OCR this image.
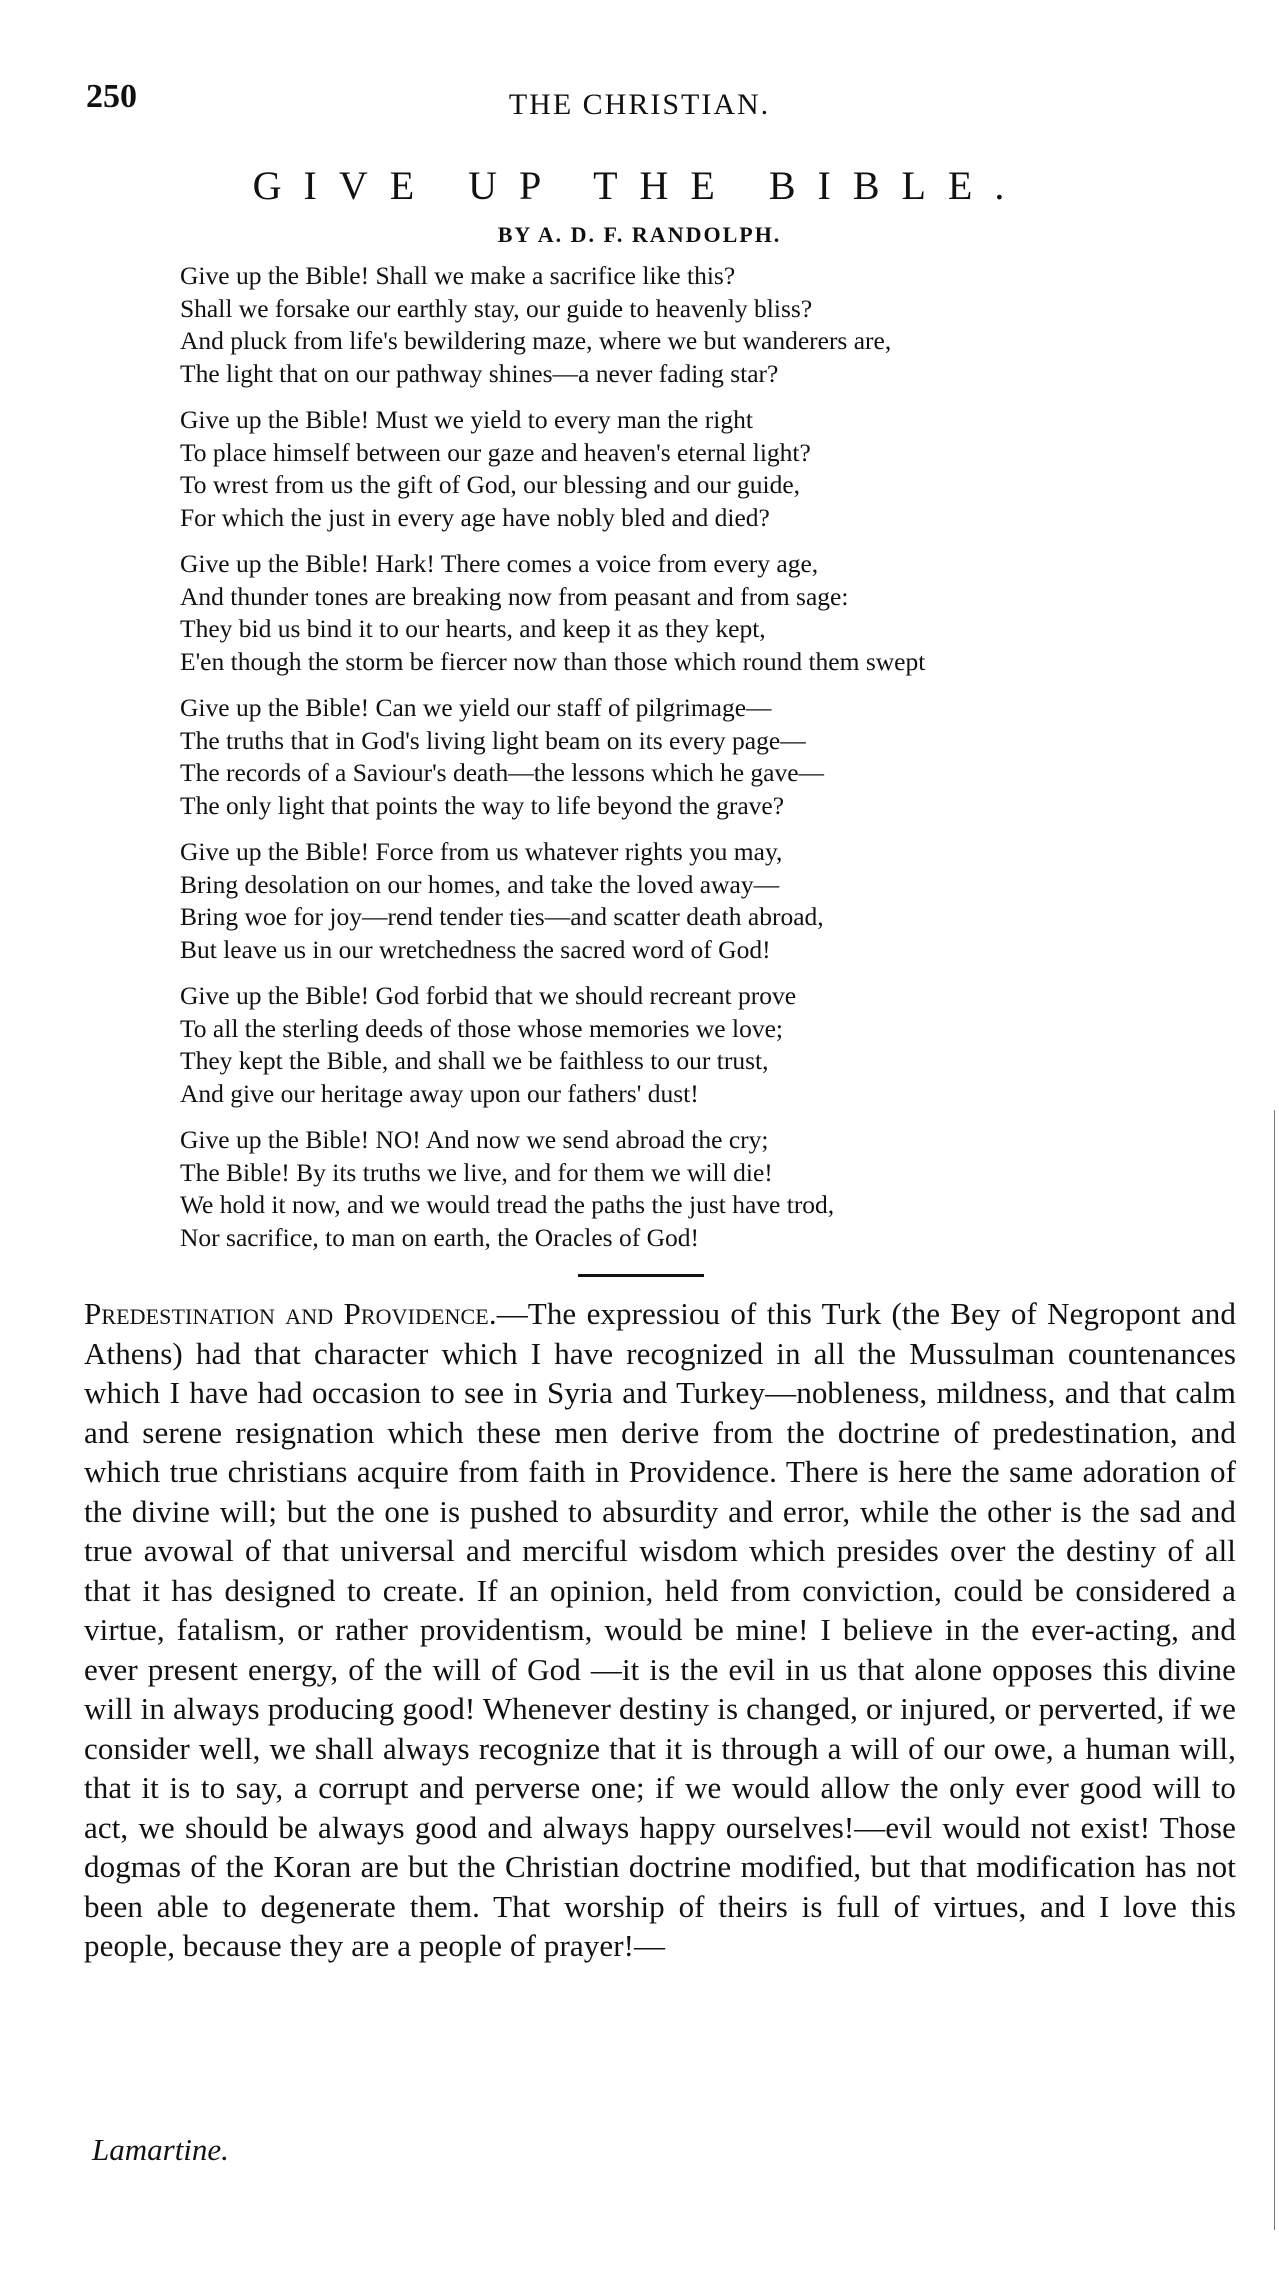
250	THE CHRISTIAN.
GIVE UP THE BIBLE.
BY A. D. F. RANDOLPH.
Give up the Bible! Shall we make a sacrifice like this?
Shall we forsake our earthly stay, our guide to heavenly bliss?
And pluck from life's bewildering maze, where we but wanderers are,
The light that on our pathway shines—a never fading star?
Give up the Bible! Must we yield to every man the right
To place himself between our gaze and heaven's eternal light?
To wrest from us the gift of God, our blessing and our guide,
For which the just in every age have nobly bled and died?
Give up the Bible! Hark! There comes a voice from every age,
And thunder tones are breaking now from peasant and from sage:
They bid us bind it to our hearts, and keep it as they kept,
E'en though the storm be fiercer now than those which round them swept
Give up the Bible! Can we yield our staff of pilgrimage—
The truths that in God's living light beam on its every page—
The records of a Saviour's death—the lessons which he gave—
The only light that points the way to life beyond the grave?
Give up the Bible! Force from us whatever rights you may,
Bring desolation on our homes, and take the loved away—
Bring woe for joy—rend tender ties—and scatter death abroad,
But leave us in our wretchedness the sacred word of God!
Give up the Bible! God forbid that we should recreant prove
To all the sterling deeds of those whose memories we love;
They kept the Bible, and shall we be faithless to our trust,
And give our heritage away upon our fathers' dust!
Give up the Bible! NO! And now we send abroad the cry;
The Bible! By its truths we live, and for them we will die!
We hold it now, and we would tread the paths the just have trod,
Nor sacrifice, to man on earth, the Oracles of God!
Predestination and Providence.—The expressiou of this Turk (the Bey of Negropont and Athens) had that character which I have recognized in all the Mussulman countenances which I have had occasion to see in Syria and Turkey—nobleness, mildness, and that calm and serene resignation which these men derive from the doctrine of predestination, and which true christians acquire from faith in Providence. There is here the same adoration of the divine will; but the one is pushed to absurdity and error, while the other is the sad and true avowal of that universal and merciful wisdom which presides over the destiny of all that it has designed to create. If an opinion, held from conviction, could be considered a virtue, fatalism, or rather providentism, would be mine! I believe in the ever-acting, and ever present energy, of the will of God —it is the evil in us that alone opposes this divine will in always producing good! Whenever destiny is changed, or injured, or perverted, if we consider well, we shall always recognize that it is through a will of our owe, a human will, that it is to say, a corrupt and perverse one; if we would allow the only ever good will to act, we should be always good and always happy ourselves!—evil would not exist! Those dogmas of the Koran are but the Christian doctrine modified, but that modification has not been able to degenerate them. That worship of theirs is full of virtues, and I love this people, because they are a people of prayer!—
Lamartine.
